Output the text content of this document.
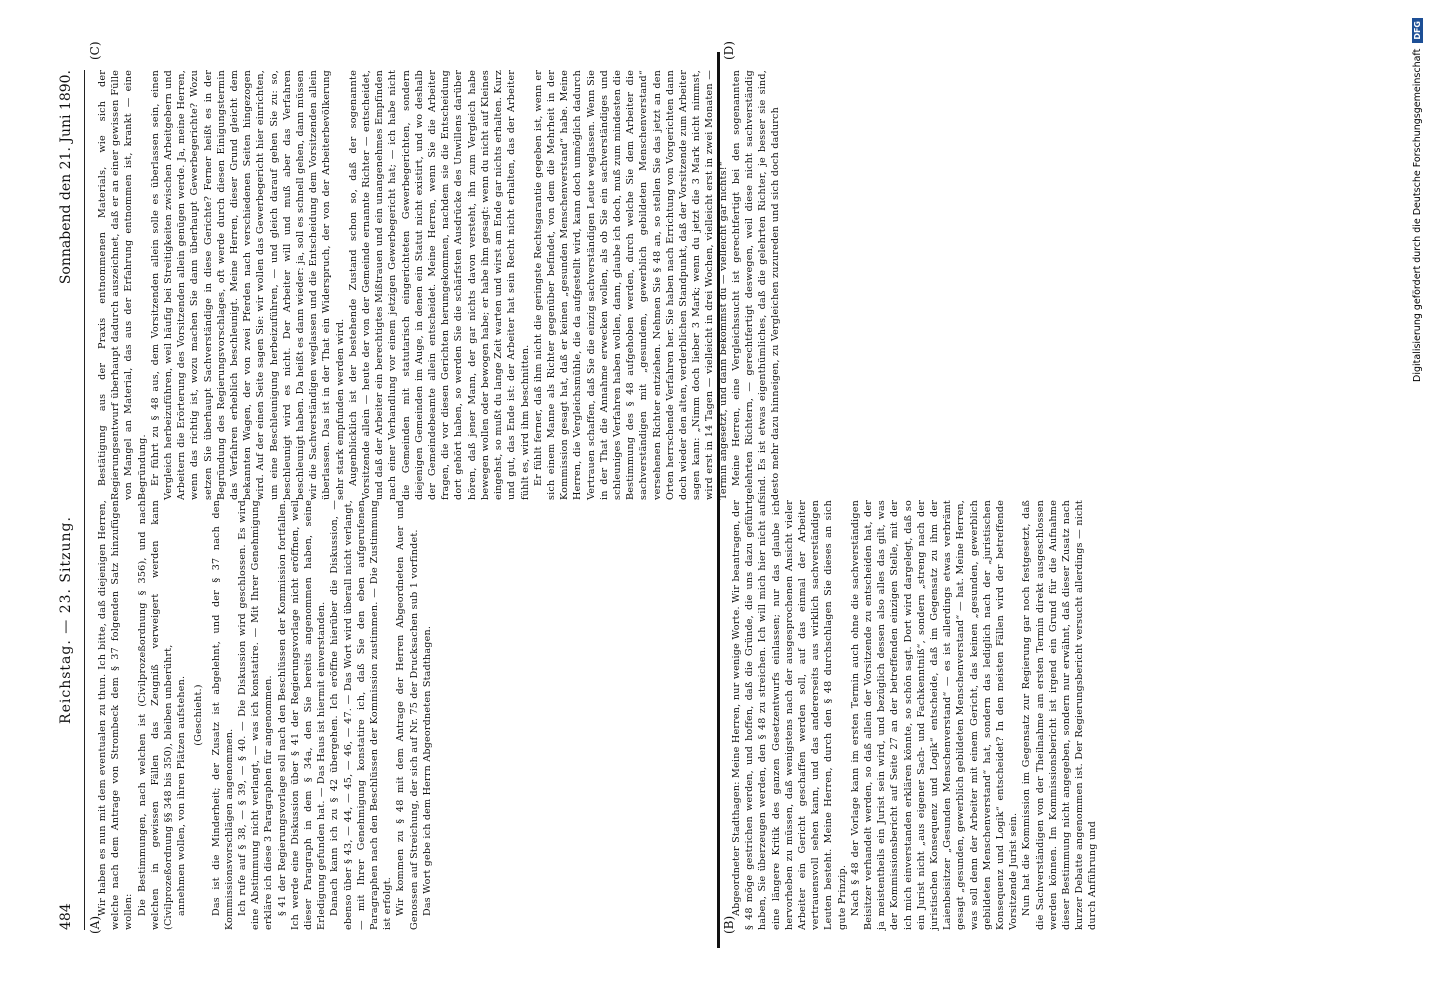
484
Reichstag. — 23. Sitzung.
Sonnabend den 21. Juni 1890.
(A)	(B)
(C)	(D)

Wir haben es nun mit dem eventualen zu thun. Ich bitte, daß diejenigen Herren, welche nach dem Antrage von Strombeck dem § 37 folgenden Satz hinzufügen wollen: Die Bestimmungen, nach welchen ist (Civilprozeßordnung § 356), und nach welchen in gewissen Fällen das Zeugniß verweigert werden kann (Civilprozeßordnung §§ 348 bis 350), bleiben unberührt, annehmen wollen, von ihren Plätzen aufstehen. (Geschieht.) Das ist die Minderheit; der Zusatz ist abgelehnt, und der § 37 nach den Kommissionsvorschlägen angenommen. Ich rufe auf § 38, — § 39, — § 40. — Die Diskussion wird geschlossen. Es wird eine Abstimmung nicht verlangt, — was ich konstatire. — Mit Ihrer Genehmigung erkläre ich diese 3 Paragraphen für angenommen. § 41 der Regierungsvorlage soll nach den Beschlüssen der Kommission fortfallen. Ich werde eine Diskussion über § 41 der Regierungsvorlage nicht eröffnen, weil dieser Paragraph in dem § 34a, den Sie bereits angenommen haben, seine Erledigung gefunden hat. — Das Haus ist hiermit einverstanden. Danach kann ich zu § 42 übergehen. Ich eröffne hierüber die Diskussion, — ebenso über § 43, — 44, — 45, — 46, — 47. — Das Wort wird überall nicht verlangt, — mit Ihrer Genehmigung konstatire ich, daß Sie den eben aufgerufenen Paragraphen nach den Beschlüssen der Kommission zustimmen. — Die Zustimmung ist erfolgt. Wir kommen zu § 48 mit dem Antrage der Herren Abgeordneten Auer und Genossen auf Streichung, der sich auf Nr. 75 der Drucksachen sub 1 vorfindet. Das Wort gebe ich dem Herrn Abgeordneten Stadthagen.	Abgeordneter Stadthagen: Meine Herren, nur wenige Worte. Wir beantragen, der § 48 möge gestrichen werden, und hoffen, daß die Gründe, die uns dazu geführt haben, Sie überzeugen werden, den § 48 zu streichen. Ich will mich hier nicht auf eine längere Kritik des ganzen Gesetzentwurfs einlassen; nur das glaube ich hervorheben zu müssen, daß wenigstens nach der ausgesprochenen Ansicht vieler Arbeiter ein Gericht geschaffen werden soll, auf das einmal der Arbeiter vertrauensvoll sehen kann, und das andererseits aus wirklich sachverständigen Leuten besteht. Meine Herren, durch den § 48 durchschlagen Sie dieses an sich gute Prinzip. Nach § 48 der Vorlage kann im ersten Termin auch ohne die sachverständigen Beisitzer verhandelt werden, so daß allein der Vorsitzende zu entscheiden hat, der ja meistentheils ein Jurist sein wird, und bezüglich dessen also alles das gilt, was der Kommissionsbericht auf Seite 27 an der betreffenden einzigen Stelle, mit der ich mich einverstanden erklären könnte, so schön sagt. Dort wird dargelegt, daß so ein Jurist nicht „aus eigener Sach- und Fachkenntniß“, sondern „streng nach der juristischen Konsequenz und Logik“ entscheide, daß im Gegensatz zu ihm der Laienbeisitzer „Gesunden Menschenverstand“ — es ist allerdings etwas verbrämt gesagt „gesunden, gewerblich gebildeten Menschenverstand“ — hat. Meine Herren, was soll denn der Arbeiter mit einem Gericht, das keinen „gesunden, gewerblich gebildeten Menschenverstand“ hat, sondern das lediglich nach der „juristischen Konsequenz und Logik“ entscheidet? In den meisten Fällen wird der betreffende Vorsitzende Jurist sein. Nun hat die Kommission im Gegensatz zur Regierung gar noch festgesetzt, daß die Sachverständigen von der Theilnahme am ersten Termin direkt ausgeschlossen werden können. Im Kommissionsbericht ist irgend ein Grund für die Aufnahme dieser Bestimmung nicht angegeben, sondern nur erwähnt, daß dieser Zusatz nach kurzer Debatte angenommen ist. Der Regierungsbericht versucht allerdings — nicht durch Anführung und

Bestätigung aus der Praxis entnommenen Materials, wie sich der Regierungsentwurf überhaupt dadurch auszeichnet, daß er an einer gewissen Fülle von Mangel an Material, das aus der Erfahrung entnommen ist, krankt — eine Begründung. Er führt zu § 48 aus, dem Vorsitzenden allein solle es überlassen sein, einen Vergleich herbeizuführen, weil häufig bei Streitigkeiten zwischen Arbeitgebern und Arbeitern die Erörterung des Vorsitzenden allein genügen werde. Ja, meine Herren, wenn das richtig ist, wozu machen Sie dann überhaupt Gewerbegerichte? Wozu setzen Sie überhaupt Sachverständige in diese Gerichte? Ferner heißt es in der Begründung des Regierungsvorschlages, oft werde durch diesen Einigungstermin das Verfahren erheblich beschleunigt. Meine Herren, dieser Grund gleicht dem bekannten Wagen, der von zwei Pferden nach verschiedenen Seiten hingezogen wird. Auf der einen Seite sagen Sie: wir wollen das Gewerbegericht hier einrichten, um eine Beschleunigung herbeizuführen, — und gleich darauf gehen Sie zu: so, beschleunigt wird es nicht. Der Arbeiter will und muß aber das Verfahren beschleunigt haben. Da heißt es dann wieder: ja, soll es schnell gehen, dann müssen wir die Sachverständigen weglassen und die Entscheidung dem Vorsitzenden allein überlassen. Das ist in der That ein Widerspruch, der von der Arbeiterbevölkerung sehr stark empfunden werden wird. Augenblicklich ist der bestehende Zustand schon so, daß der sogenannte Vorsitzende allein — heute der von der Gemeinde ernannte Richter — entscheidet, und daß der Arbeiter ein berechtigtes Mißtrauen und ein unangenehmes Empfinden nach einer Verhandlung vor einem jetzigen Gewerbegericht hat; — ich habe nicht die Gemeinden mit statutarisch eingerichteten Gewerbegerichten, sondern diejenigen Gemeinden im Auge, in denen ein Statut nicht existirt, und wo deshalb der Gemeindebeamte allein entscheidet. Meine Herren, wenn Sie die Arbeiter fragen, die vor diesen Gerichten herumgekommen, nachdem sie die Entscheidung dort gehört haben, so werden Sie die schärfsten Ausdrücke des Unwillens darüber hören, daß jener Mann, der gar nichts davon versteht, ihn zum Vergleich habe bewegen wollen oder bewogen habe; er habe ihm gesagt: wenn du nicht auf Kleines eingehst, so mußt du lange Zeit warten und wirst am Ende gar nichts erhalten. Kurz und gut, das Ende ist: der Arbeiter hat sein Recht nicht erhalten, das der Arbeiter fühlt es, wird ihm beschnitten. Er fühlt ferner, daß ihm nicht die geringste Rechtsgarantie gegeben ist, wenn er sich einem Manne als Richter gegenüber befindet, von dem die Mehrheit in der Kommission gesagt hat, daß er keinen „gesunden Menschenverstand“ habe. Meine Herren, die Vergleichsmühle, die da aufgestellt wird, kann doch unmöglich dadurch Vertrauen schaffen, daß Sie die einzig sachverständigen Leute weglassen. Wenn Sie in der That die Annahme erwecken wollen, als ob Sie ein sachverständiges und schleuniges Verfahren haben wollen, dann, glaube ich doch, muß zum mindesten die Bestimmung des § 48 aufgehoben werden, durch welche Sie dem Arbeiter die sachverständigen mit „gesundem, gewerblich gebildeten Menschenverstand“ versehenen Richter entziehen. Nehmen Sie § 48 an, so stellen Sie das jetzt an den Orten herrschende Verfahren her. Sie haben nach Errichtung von Vorgerichten dann doch wieder den alten, verderblichen Standpunkt, daß der Vorsitzende zum Arbeiter sagen kann: „Nimm doch lieber 3 Mark; wenn du jetzt die 3 Mark nicht nimmst, wird erst in 14 Tagen — vielleicht in drei Wochen, vielleicht erst in zwei Monaten — Termin angesetzt, und dann bekommst du — vielleicht gar nichts!“ Meine Herren, eine Vergleichssucht ist gerechtfertigt bei den sogenannten gelehrten Richtern, — gerechtfertigt deswegen, weil diese nicht sachverständig sind. Es ist etwas eigenthümliches, daß die gelehrten Richter, je besser sie sind, desto mehr dazu hinneigen, zu Vergleichen zuzureden und sich doch dadurch	Digitalisierung gefördert durch die Deutsche Forschungsgemeinschaft
DFG
